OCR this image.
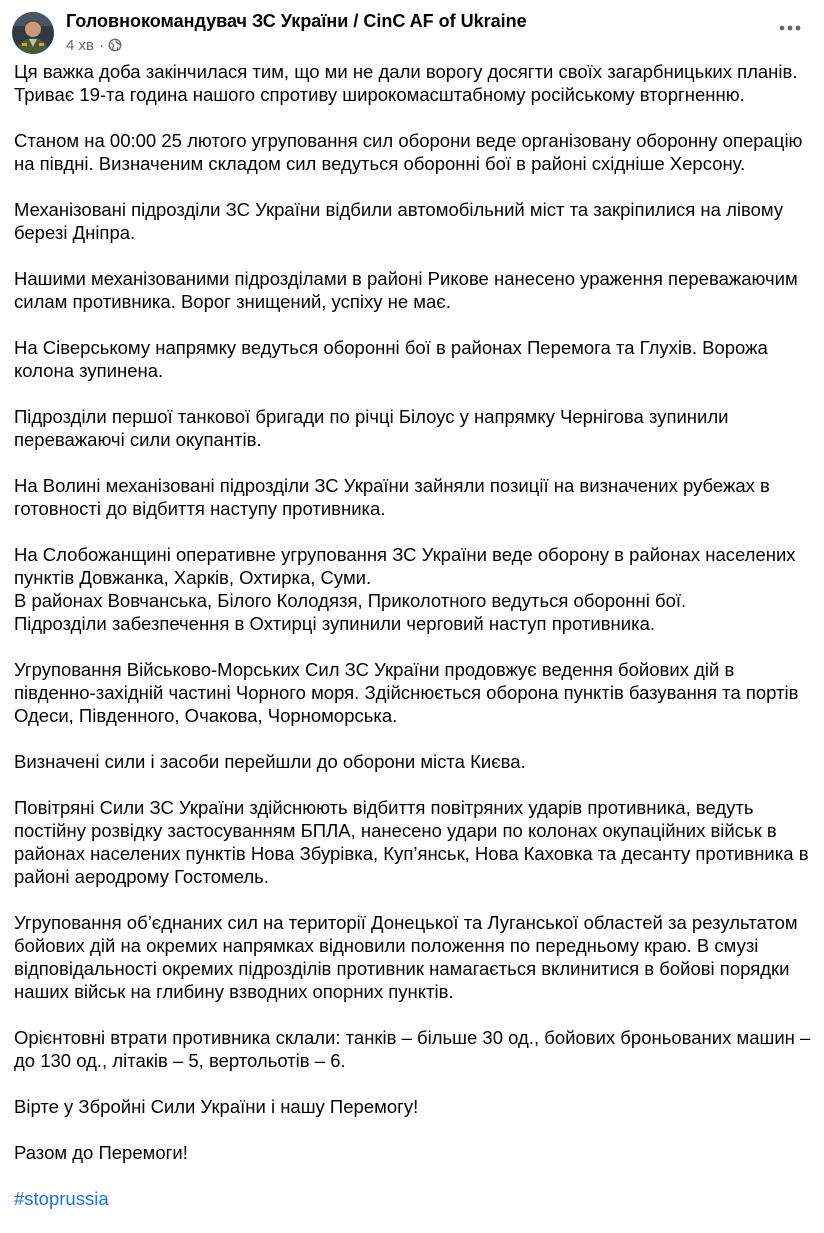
Головнокомандувач ЗС України / CinC AF of Ukraine
4 хв ·
Ця важка доба закінчилася тим, що ми не дали ворогу досягти своїх загарбницьких планів.
Триває 19-та година нашого спротиву широкомасштабному російському вторгненню.
Станом на 00:00 25 лютого угруповання сил оборони веде організовану оборонну операцію
на півдні. Визначеним складом сил ведуться оборонні бої в районі східніше Херсону.
Механізовані підрозділи ЗС України відбили автомобільний міст та закріпилися на лівому
березі Дніпра.
Нашими механізованими підрозділами в районі Рикове нанесено ураження переважаючим
силам противника. Ворог знищений, успіху не має.
На Сіверському напрямку ведуться оборонні бої в районах Перемога та Глухів. Ворожа
колона зупинена.
Підрозділи першої танкової бригади по річці Білоус у напрямку Чернігова зупинили
переважаючі сили окупантів.
На Волині механізовані підрозділи ЗС України зайняли позиції на визначених рубежах в
готовності до відбиття наступу противника.
На Слобожанщині оперативне угруповання ЗС України веде оборону в районах населених
пунктів Довжанка, Харків, Охтирка, Суми.
В районах Вовчанська, Білого Колодязя, Приколотного ведуться оборонні бої.
Підрозділи забезпечення в Охтирці зупинили черговий наступ противника.
Угруповання Військово-Морських Сил ЗС України продовжує ведення бойових дій в
південно-західній частині Чорного моря. Здійснюється оборона пунктів базування та портів
Одеси, Південного, Очакова, Чорноморська.
Визначені сили і засоби перейшли до оборони міста Києва.
Повітряні Сили ЗС України здійснюють відбиття повітряних ударів противника, ведуть
постійну розвідку застосуванням БПЛА, нанесено удари по колонах окупаційних військ в
районах населених пунктів Нова Збурівка, Куп’янськ, Нова Каховка та десанту противника в
районі аеродрому Гостомель.
Угруповання об’єднаних сил на території Донецької та Луганської областей за результатом
бойових дій на окремих напрямках відновили положення по передньому краю. В смузі
відповідальності окремих підрозділів противник намагається вклинитися в бойові порядки
наших військ на глибину взводних опорних пунктів.
Орієнтовні втрати противника склали: танків – більше 30 од., бойових броньованих машин –
до 130 од., літаків – 5, вертольотів – 6.
Вірте у Збройні Сили України і нашу Перемогу!
Разом до Перемоги!
#stoprussia
